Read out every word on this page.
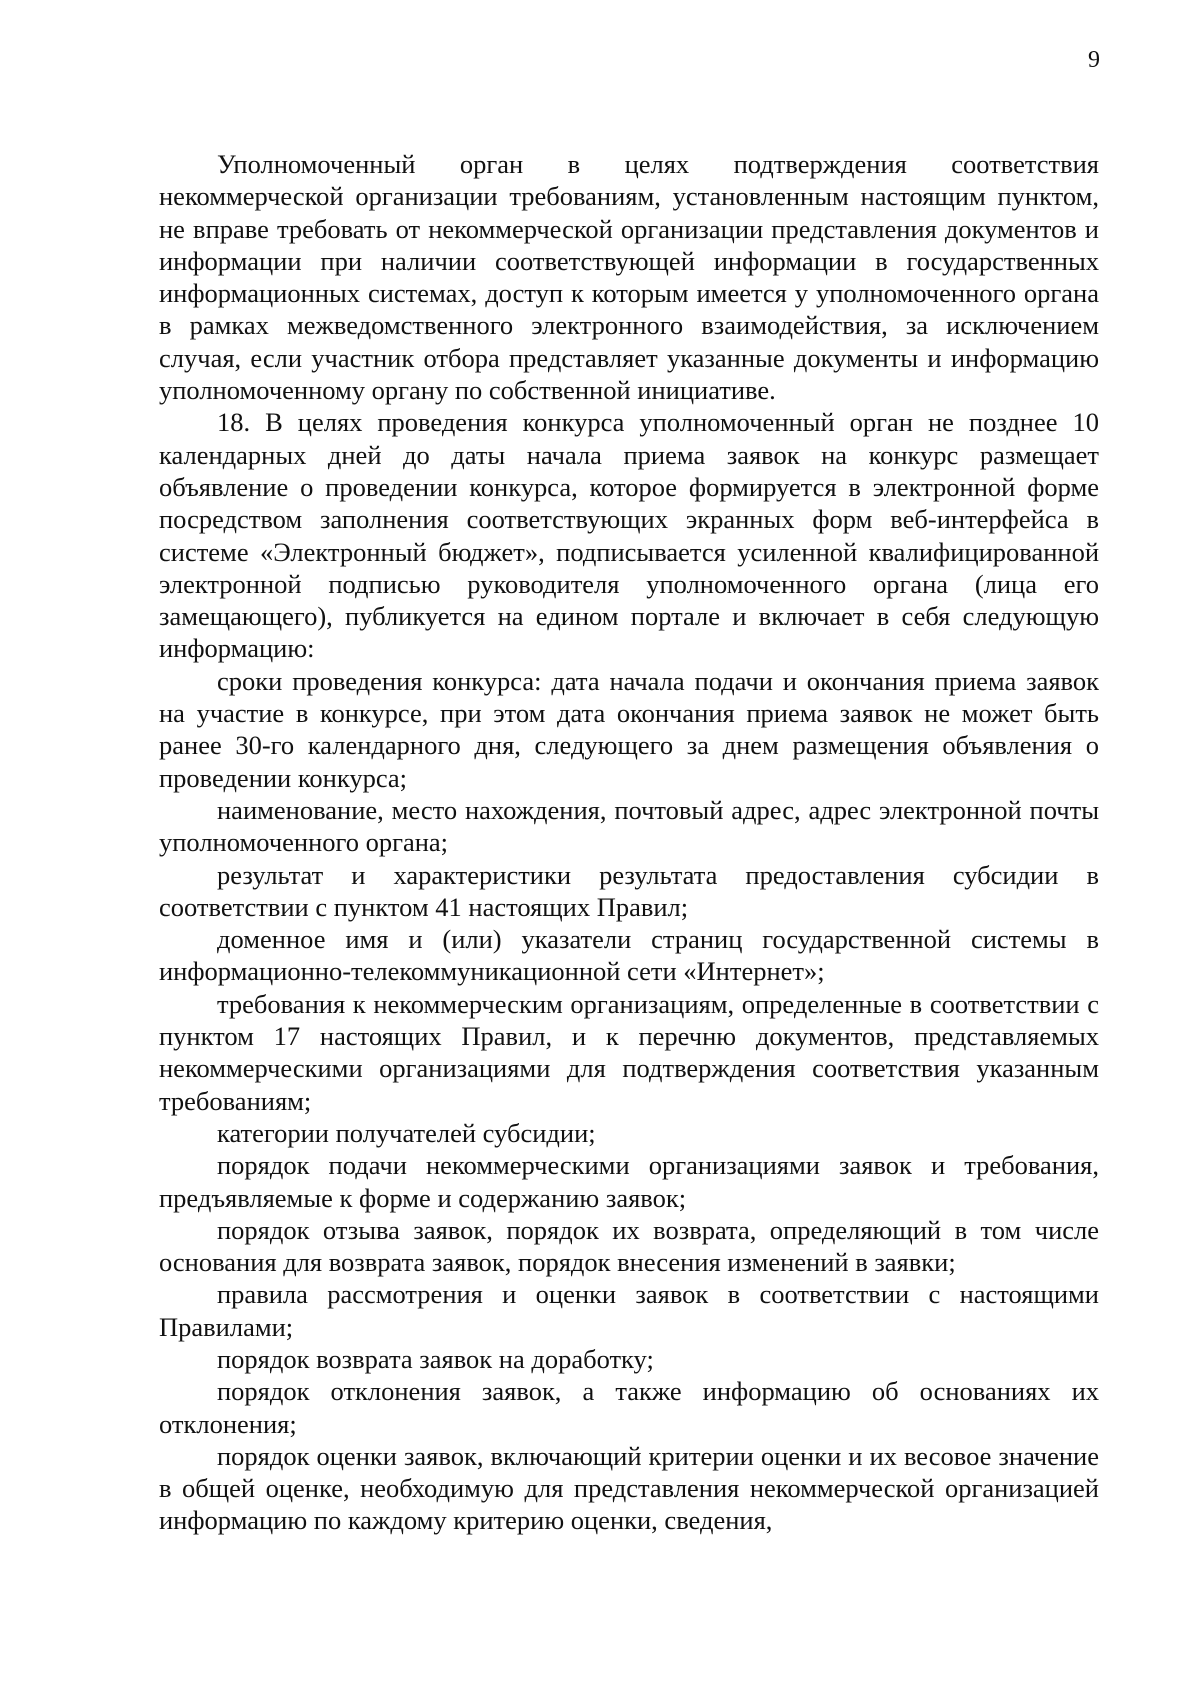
9

Уполномоченный орган в целях подтверждения соответствия некоммерческой организации требованиям, установленным настоящим пунктом, не вправе требовать от некоммерческой организации представления документов и информации при наличии соответствующей информации в государственных информационных системах, доступ к которым имеется у уполномоченного органа в рамках межведомственного электронного взаимодействия, за исключением случая, если участник отбора представляет указанные документы и информацию уполномоченному органу по собственной инициативе.

18. В целях проведения конкурса уполномоченный орган не позднее 10 календарных дней до даты начала приема заявок на конкурс размещает объявление о проведении конкурса, которое формируется в электронной форме посредством заполнения соответствующих экранных форм веб-интерфейса в системе «Электронный бюджет», подписывается усиленной квалифицированной электронной подписью руководителя уполномоченного органа (лица его замещающего), публикуется на едином портале и включает в себя следующую информацию:

сроки проведения конкурса: дата начала подачи и окончания приема заявок на участие в конкурсе, при этом дата окончания приема заявок не может быть ранее 30-го календарного дня, следующего за днем размещения объявления о проведении конкурса;

наименование, место нахождения, почтовый адрес, адрес электронной почты уполномоченного органа;

результат и характеристики результата предоставления субсидии в соответствии с пунктом 41 настоящих Правил;

доменное имя и (или) указатели страниц государственной системы в информационно-телекоммуникационной сети «Интернет»;

требования к некоммерческим организациям, определенные в соответствии с пунктом 17 настоящих Правил, и к перечню документов, представляемых некоммерческими организациями для подтверждения соответствия указанным требованиям;

категории получателей субсидии;

порядок подачи некоммерческими организациями заявок и требования, предъявляемые к форме и содержанию заявок;

порядок отзыва заявок, порядок их возврата, определяющий в том числе основания для возврата заявок, порядок внесения изменений в заявки;

правила рассмотрения и оценки заявок в соответствии с настоящими Правилами;

порядок возврата заявок на доработку;

порядок отклонения заявок, а также информацию об основаниях их отклонения;

порядок оценки заявок, включающий критерии оценки и их весовое значение в общей оценке, необходимую для представления некоммерческой организацией информацию по каждому критерию оценки, сведения,
